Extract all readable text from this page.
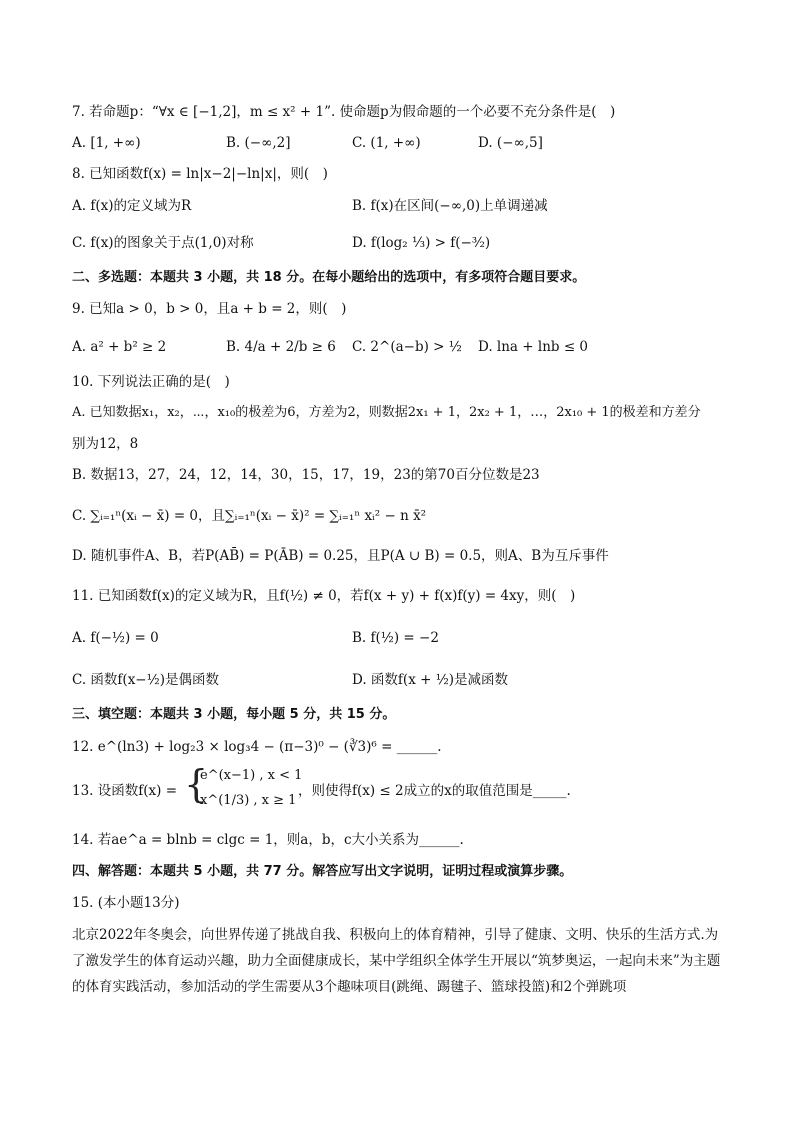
7. 若命题p：“∀x ∈ [−1,2]，m ≤ x² + 1”. 使命题p为假命题的一个必要不充分条件是(　)
A. [1, +∞)	B. (−∞,2]	C. (1, +∞)	D. (−∞,5]
8. 已知函数f(x) = ln|x−2|−ln|x|，则(　)
A. f(x)的定义域为R	B. f(x)在区间(−∞,0)上单调递减
C. f(x)的图象关于点(1,0)对称	D. f(log₂ ⅓) > f(−³⁄₂)
二、多选题：本题共 3 小题，共 18 分。在每小题给出的选项中，有多项符合题目要求。
9. 已知a > 0，b > 0，且a + b = 2，则(　)
A. a² + b² ≥ 2	B. 4/a + 2/b ≥ 6 C. 2^(a−b) > ½ D. lna + lnb ≤ 0
10. 下列说法正确的是(　)
A. 已知数据x₁，x₂，⋯，x₁₀的极差为6，方差为2，则数据2x₁ + 1，2x₂ + 1，…，2x₁₀ + 1的极差和方差分
别为12，8
B. 数据13，27，24，12，14，30，15，17，19，23的第70百分位数是23
C. ∑ᵢ₌₁ⁿ(xᵢ − x̄) = 0，且∑ᵢ₌₁ⁿ(xᵢ − x̄)² = ∑ᵢ₌₁ⁿ xᵢ² − n x̄²
D. 随机事件A、B，若P(AB̄) = P(ĀB) = 0.25，且P(A ∪ B) = 0.5，则A、B为互斥事件
11. 已知函数f(x)的定义域为R，且f(½) ≠ 0，若f(x + y) + f(x)f(y) = 4xy，则(　)
A. f(−½) = 0	B. f(½) = −2
C. 函数f(x−½)是偶函数	D. 函数f(x + ½)是减函数
三、填空题：本题共 3 小题，每小题 5 分，共 15 分。
12. e^(ln3) + log₂3 × log₃4 − (π−3)⁰ − (∛3)⁶ = ______.
13. 设函数f(x) = {
e^(x−1) , x < 1
x^(1/3) , x ≥ 1
，则使得f(x) ≤ 2成立的x的取值范围是_____.
14. 若ae^a = blnb = clgc = 1，则a，b，c大小关系为______.
四、解答题：本题共 5 小题，共 77 分。解答应写出文字说明，证明过程或演算步骤。
15. (本小题13分)
北京2022年冬奥会，向世界传递了挑战自我、积极向上的体育精神，引导了健康、文明、快乐的生活方式.为了激发学生的体育运动兴趣，助力全面健康成长，某中学组织全体学生开展以“筑梦奥运，一起向未来”为主题的体育实践活动，参加活动的学生需要从3个趣味项目(跳绳、踢毽子、篮球投篮)和2个弹跳项
